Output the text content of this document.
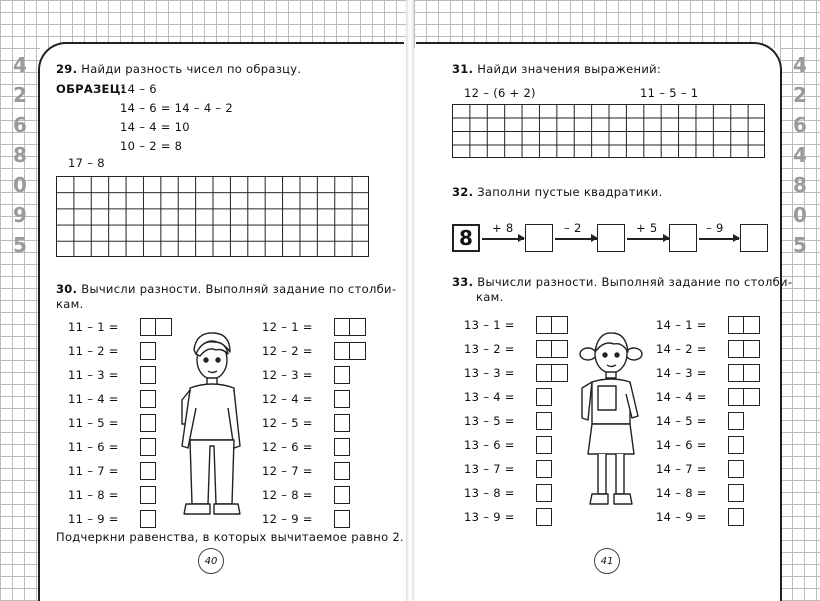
4
2
6
8
0
9
5
29. Найди разность чисел по образцу.
ОБРАЗЕЦ:
14 – 6
14 – 6 = 14 – 4 – 2
14 – 4 = 10
10 – 2 = 8
17 – 8
30. Вычисли разности. Выполняй задание по столби-
кам.
11 – 1 =
11 – 2 =
11 – 3 =
11 – 4 =
11 – 5 =
11 – 6 =
11 – 7 =
11 – 8 =
11 – 9 =
12 – 1 =
12 – 2 =
12 – 3 =
12 – 4 =
12 – 5 =
12 – 6 =
12 – 7 =
12 – 8 =
12 – 9 =
Подчеркни равенства, в которых вычитаемое равно 2.
40
4
2
6
4
8
0
5
31. Найди значения выражений:
12 – (6 + 2)	11 – 5 – 1
32. Заполни пустые квадратики.
8	+ 8	– 2	+ 5	– 9
33. Вычисли разности. Выполняй задание по столби-
кам.
13 – 1 =
13 – 2 =
13 – 3 =
13 – 4 =
13 – 5 =
13 – 6 =
13 – 7 =
13 – 8 =
13 – 9 =
14 – 1 =
14 – 2 =
14 – 3 =
14 – 4 =
14 – 5 =
14 – 6 =
14 – 7 =
14 – 8 =
14 – 9 =
41
